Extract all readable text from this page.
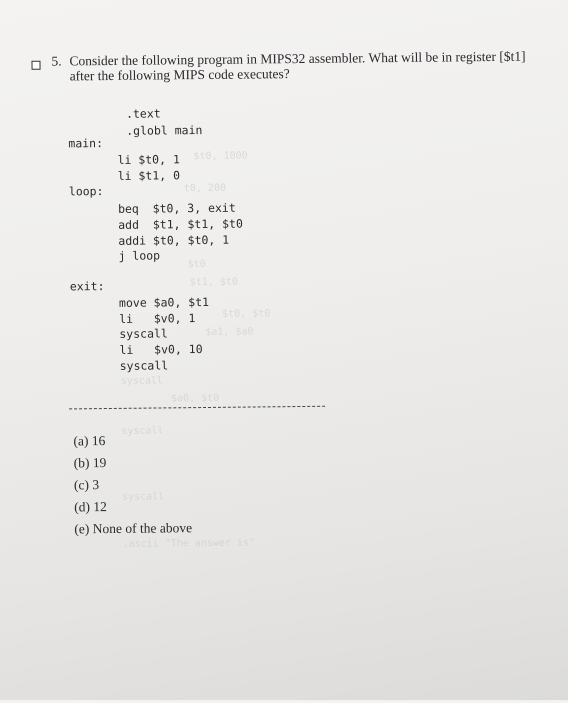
$t0, 1000
t0, 200
$t0
$t1, $t0
$t0, $t0
$a1, $a0
syscall
$a0, $t0
syscall
syscall
.ascii "The answer is"
5. Consider the following program in MIPS32 assembler. What will be in register [$t1]
after the following MIPS code executes?
.text
.globl main
main:
li $t0, 1
li $t1, 0
loop:
beq  $t0, 3, exit
add  $t1, $t1, $t0
addi $t0, $t0, 1
j loop
exit:
move $a0, $t1
li   $v0, 1
syscall
li   $v0, 10
syscall
(a) 16
(b) 19
(c) 3
(d) 12
(e) None of the above
